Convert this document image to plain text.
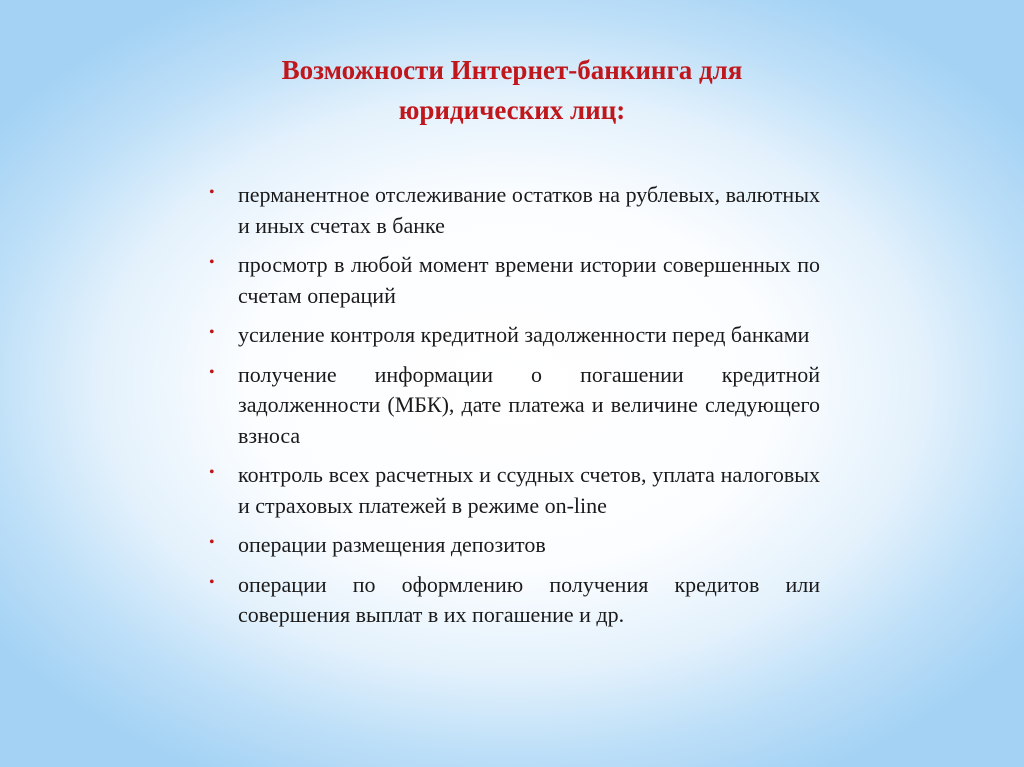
Возможности Интернет-банкинга для
юридических лиц:
• перманентное отслеживание остатков на рублевых, валютных и иных счетах в банке
• просмотр в любой момент времени истории совершенных по счетам операций
• усиление контроля кредитной задолженности перед банками
• получение информации о погашении кредитной задолженности (МБК), дате платежа и величине следующего взноса
• контроль всех расчетных и ссудных счетов, уплата налоговых и страховых платежей в режиме on-line
• операции размещения депозитов
• операции по оформлению получения кредитов или совершения выплат в их погашение и др.
